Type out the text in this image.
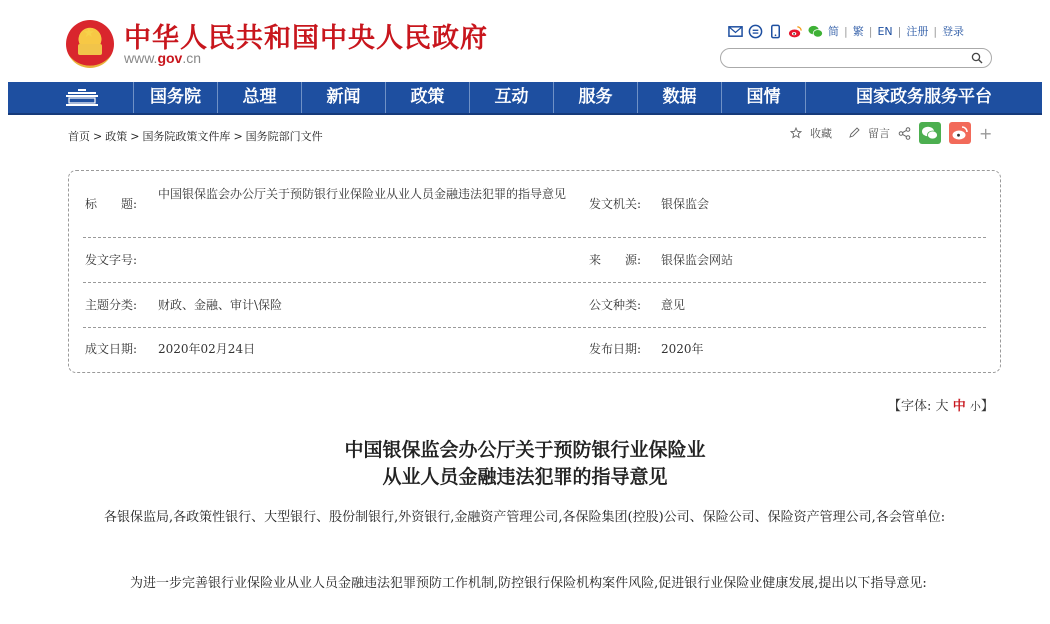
★ 中华人民共和国中央人民政府
www.gov.cn
简 | 繁 | EN | 注册 | 登录
国务院	总理	新闻	政策	互动	服务	数据	国情	国家政务服务平台
首页 > 政策 > 国务院政策文件库 > 国务院部门文件	收藏	留言	+
标　　题:
中国银保监会办公厅关于预防银行业保险业从业人员金融违法犯罪的指导意见
发文机关: 银保监会
发文字号:	来　　源: 银保监会网站
主题分类: 财政、金融、审计\保险	公文种类: 意见
成文日期: 2020年02月24日	发布日期: 2020年
【字体: 大 中 小】
中国银保监会办公厅关于预防银行业保险业
从业人员金融违法犯罪的指导意见
各银保监局,各政策性银行、大型银行、股份制银行,外资银行,金融资产管理公司,各保险集团(控股)公司、保险公司、保险资产管理公司,各会管单位:
　　为进一步完善银行业保险业从业人员金融违法犯罪预防工作机制,防控银行保险机构案件风险,促进银行业保险业健康发展,提出以下指导意见:
